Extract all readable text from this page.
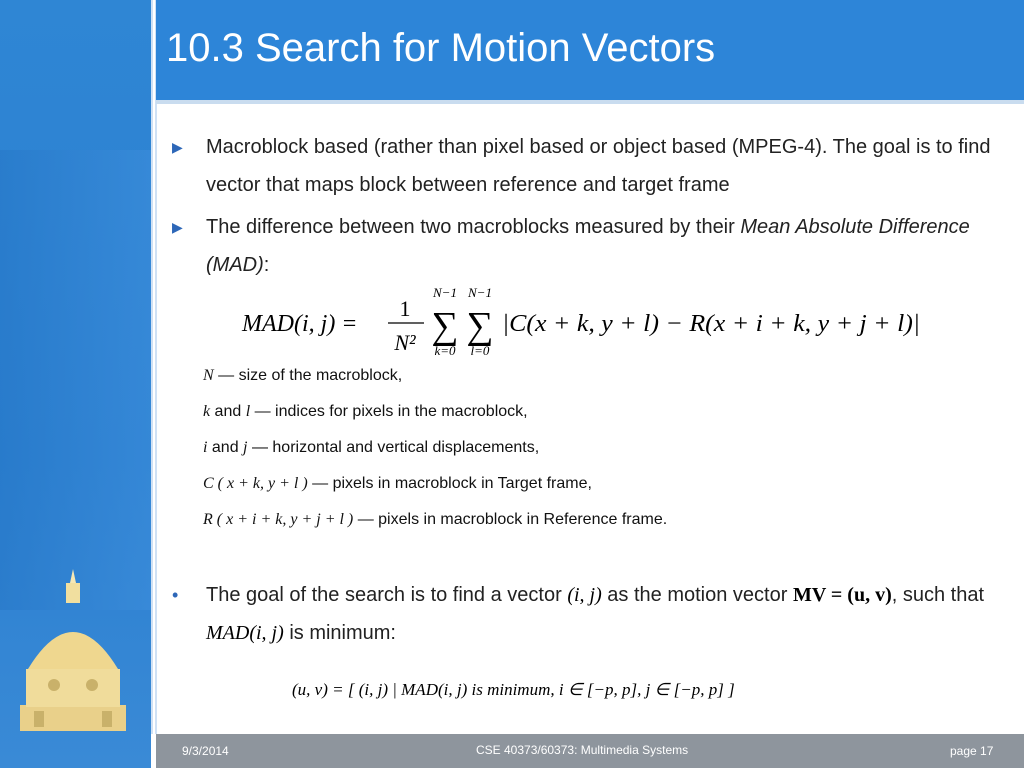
10.3 Search for Motion Vectors
▶	Macroblock based (rather than pixel based or object based (MPEG-4). The goal is to find vector that maps block between reference and target frame
▶	The difference between two macroblocks measured by their Mean Absolute Difference (MAD):
MAD(i, j) =
1
N²
N−1
∑
k=0
N−1
∑
l=0
|C(x + k, y + l) − R(x + i + k, y + j + l)|
N — size of the macroblock,
k and l — indices for pixels in the macroblock,
i and j — horizontal and vertical displacements,
C ( x + k, y + l ) — pixels in macroblock in Target frame,
R ( x + i + k, y + j + l ) — pixels in macroblock in Reference frame.
•	The goal of the search is to find a vector (i, j) as the motion vector MV = (u, v), such that MAD(i, j) is minimum:
(u, v) = [ (i, j) | MAD(i, j) is minimum, i ∈ [−p, p], j ∈ [−p, p] ]
9/3/2014	CSE 40373/60373: Multimedia Systems	page 17
